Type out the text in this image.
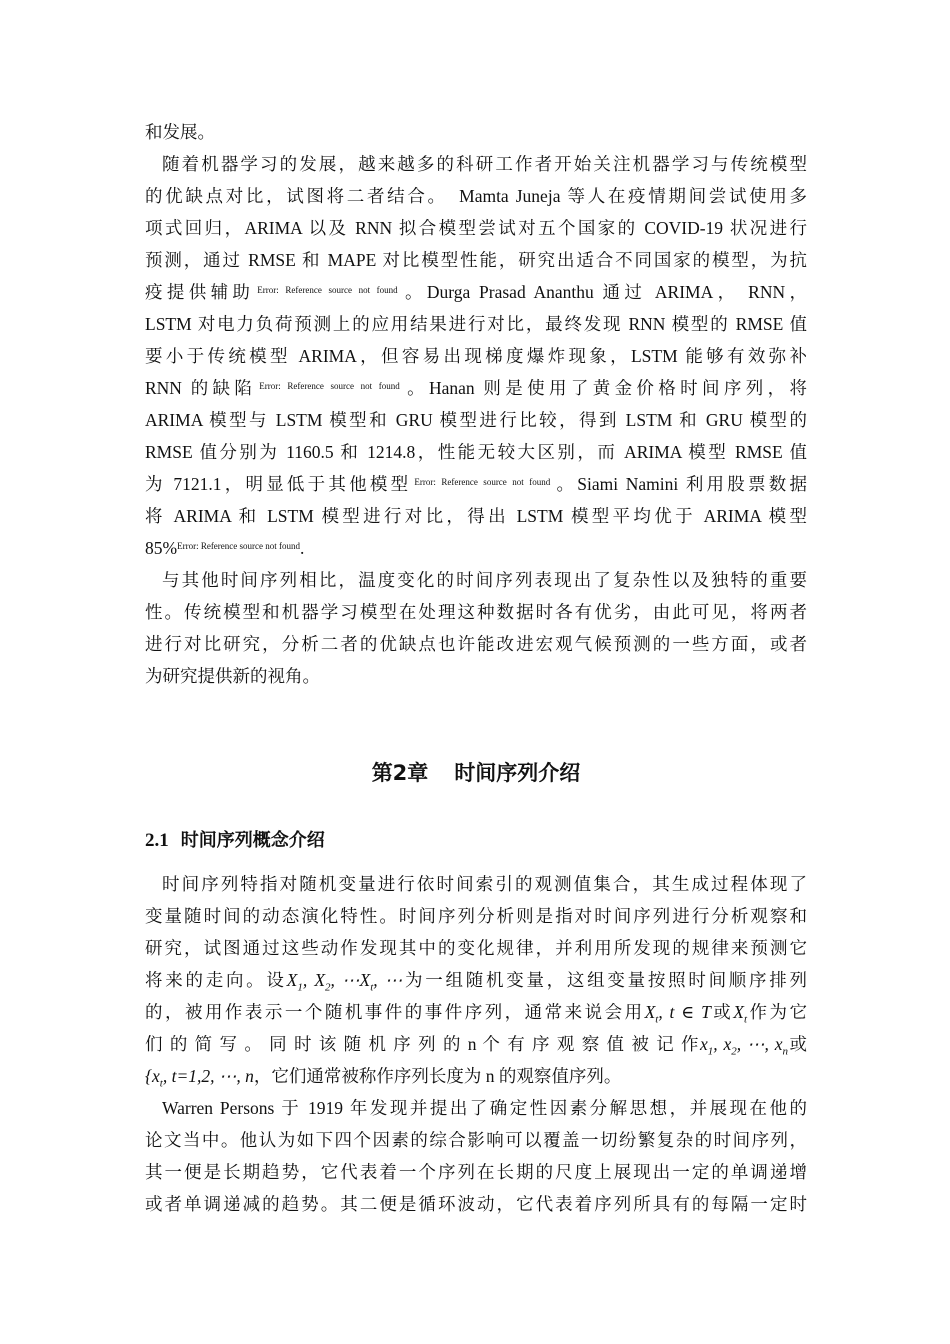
和发展。
随着机器学习的发展，越来越多的科研工作者开始关注机器学习与传统模型
的优缺点对比，试图将二者结合。　Mamta Juneja 等人在疫情期间尝试使用多
项式回归，ARIMA 以及 RNN 拟合模型尝试对五个国家的 COVID-19 状况进行
预测，通过 RMSE 和 MAPE 对比模型性能，研究出适合不同国家的模型，为抗
疫提供辅助 $^{Error: Reference source not found}$ 。Durga Prasad Ananthu 通过 ARIMA， RNN，
LSTM 对电力负荷预测上的应用结果进行对比，最终发现 RNN 模型的 RMSE 值
要小于传统模型 ARIMA，但容易出现梯度爆炸现象，LSTM 能够有效弥补
RNN 的缺陷 $^{Error: Reference source not found}$ 。Hanan 则是使用了黄金价格时间序列，将
ARIMA 模型与 LSTM 模型和 GRU 模型进行比较，得到 LSTM 和 GRU 模型的
RMSE 值分别为 1160.5 和 1214.8，性能无较大区别，而 ARIMA 模型 RMSE 值
为 7121.1，明显低于其他模型 $^{Error: Reference source not found}$ 。Siami Namini 利用股票数据
将 ARIMA 和 LSTM 模型进行对比，得出 LSTM 模型平均优于 ARIMA 模型
85%$^{Error: Reference source not found}$.
与其他时间序列相比，温度变化的时间序列表现出了复杂性以及独特的重要
性。传统模型和机器学习模型在处理这种数据时各有优劣，由此可见，将两者
进行对比研究，分析二者的优缺点也许能改进宏观气候预测的一些方面，或者
为研究提供新的视角。
第2章 时间序列介绍
2.1 时间序列概念介绍
时间序列特指对随机变量进行依时间索引的观测值集合，其生成过程体现了
变量随时间的动态演化特性。时间序列分析则是指对时间序列进行分析观察和
研究，试图通过这些动作发现其中的变化规律，并利用所发现的规律来预测它
将来的走向。设$X_1$, $X_2$, $\cdots X_t$, ⋯为一组随机变量，这组变量按照时间顺序排列
的，被用作表示一个随机事件的事件序列，通常来说会用$X_t$, t ∈ T或$X_t$作为它
们 的 简 写 。 同 时 该 随 机 序 列 的 n 个 有 序 观 察 值 被 记 作$x_1$, $x_2$, ⋯, $x_n$或
{$x_t$, t=1,2, ⋯, n，它们通常被称作序列长度为 n 的观察值序列。
Warren Persons 于 1919 年发现并提出了确定性因素分解思想，并展现在他的
论文当中。他认为如下四个因素的综合影响可以覆盖一切纷繁复杂的时间序列，
其一便是长期趋势，它代表着一个序列在长期的尺度上展现出一定的单调递增
或者单调递减的趋势。其二便是循环波动，它代表着序列所具有的每隔一定时
